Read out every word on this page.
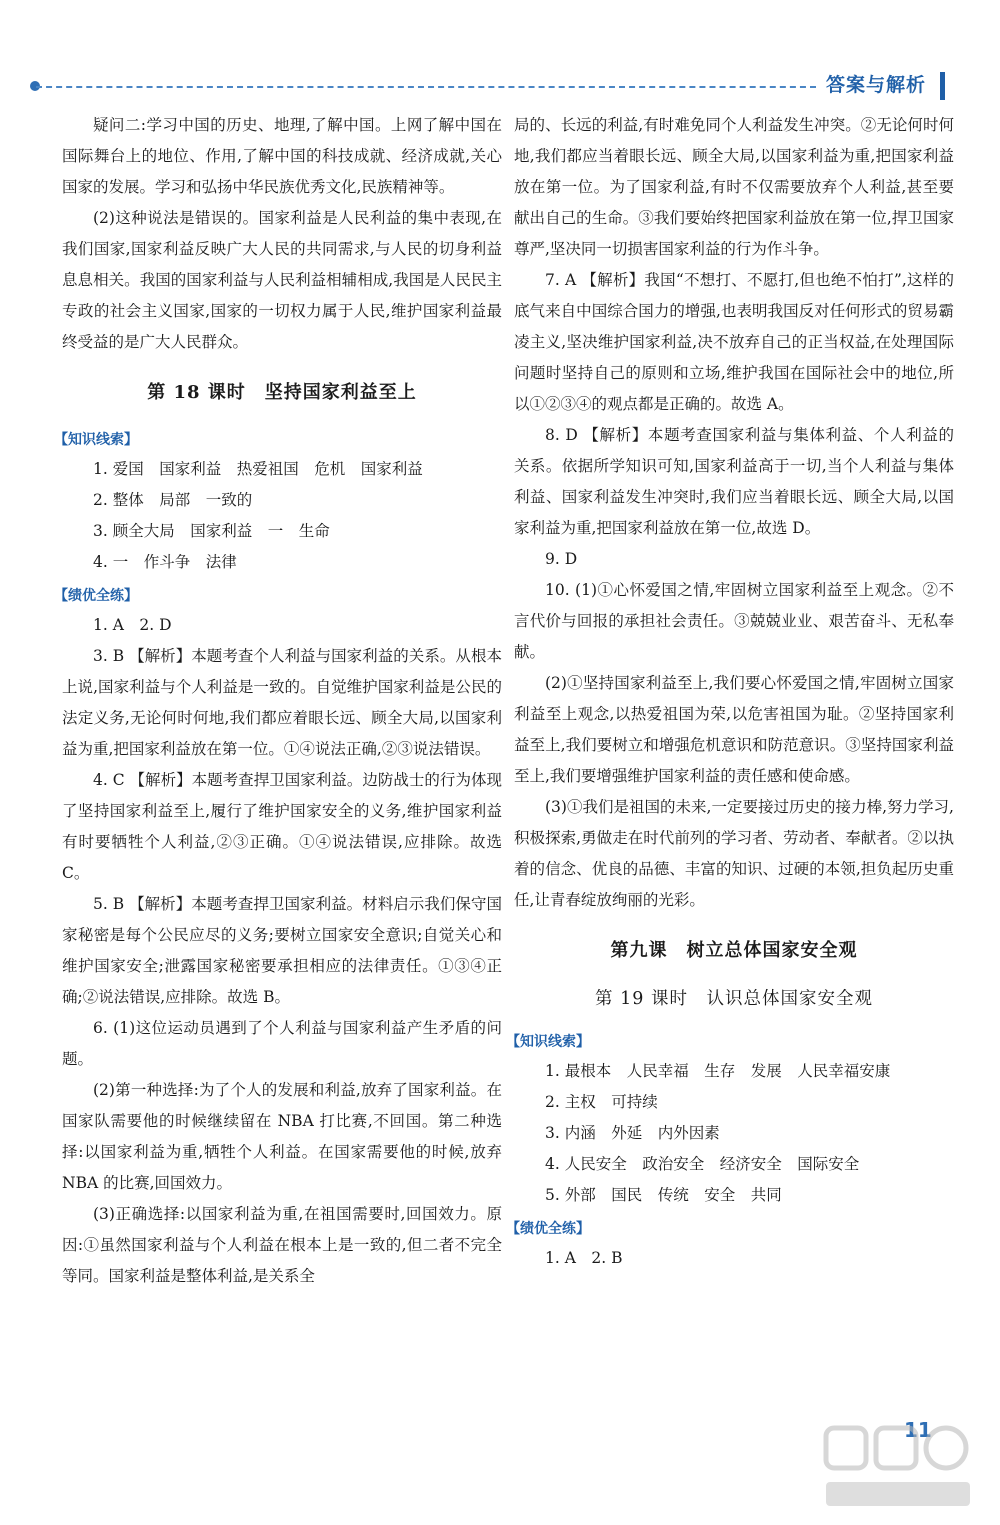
答案与解析

疑问二:学习中国的历史、地理,了解中国。上网了解中国在国际舞台上的地位、作用,了解中国的科技成就、经济成就,关心国家的发展。学习和弘扬中华民族优秀文化,民族精神等。

(2)这种说法是错误的。国家利益是人民利益的集中表现,在我们国家,国家利益反映广大人民的共同需求,与人民的切身利益息息相关。我国的国家利益与人民利益相辅相成,我国是人民民主专政的社会主义国家,国家的一切权力属于人民,维护国家利益最终受益的是广大人民群众。

第 18 课时　坚持国家利益至上
【知识线索】

1. 爱国　国家利益　热爱祖国　危机　国家利益

2. 整体　局部　一致的

3. 顾全大局　国家利益　一　生命

4. 一　作斗争　法律

【绩优全练】

1. A　2. D

3. B 【解析】本题考查个人利益与国家利益的关系。从根本上说,国家利益与个人利益是一致的。自觉维护国家利益是公民的法定义务,无论何时何地,我们都应着眼长远、顾全大局,以国家利益为重,把国家利益放在第一位。①④说法正确,②③说法错误。

4. C 【解析】本题考查捍卫国家利益。边防战士的行为体现了坚持国家利益至上,履行了维护国家安全的义务,维护国家利益有时要牺牲个人利益,②③正确。①④说法错误,应排除。故选 C。

5. B 【解析】本题考查捍卫国家利益。材料启示我们保守国家秘密是每个公民应尽的义务;要树立国家安全意识;自觉关心和维护国家安全;泄露国家秘密要承担相应的法律责任。①③④正确;②说法错误,应排除。故选 B。

6. (1)这位运动员遇到了个人利益与国家利益产生矛盾的问题。

(2)第一种选择:为了个人的发展和利益,放弃了国家利益。在国家队需要他的时候继续留在 NBA 打比赛,不回国。第二种选择:以国家利益为重,牺牲个人利益。在国家需要他的时候,放弃 NBA 的比赛,回国效力。

(3)正确选择:以国家利益为重,在祖国需要时,回国效力。原因:①虽然国家利益与个人利益在根本上是一致的,但二者不完全等同。国家利益是整体利益,是关系全

局的、长远的利益,有时难免同个人利益发生冲突。②无论何时何地,我们都应当着眼长远、顾全大局,以国家利益为重,把国家利益放在第一位。为了国家利益,有时不仅需要放弃个人利益,甚至要献出自己的生命。③我们要始终把国家利益放在第一位,捍卫国家尊严,坚决同一切损害国家利益的行为作斗争。

7. A 【解析】我国“不想打、不愿打,但也绝不怕打”,这样的底气来自中国综合国力的增强,也表明我国反对任何形式的贸易霸凌主义,坚决维护国家利益,决不放弃自己的正当权益,在处理国际问题时坚持自己的原则和立场,维护我国在国际社会中的地位,所以①②③④的观点都是正确的。故选 A。

8. D 【解析】本题考查国家利益与集体利益、个人利益的关系。依据所学知识可知,国家利益高于一切,当个人利益与集体利益、国家利益发生冲突时,我们应当着眼长远、顾全大局,以国家利益为重,把国家利益放在第一位,故选 D。

9. D

10. (1)①心怀爱国之情,牢固树立国家利益至上观念。②不言代价与回报的承担社会责任。③兢兢业业、艰苦奋斗、无私奉献。

(2)①坚持国家利益至上,我们要心怀爱国之情,牢固树立国家利益至上观念,以热爱祖国为荣,以危害祖国为耻。②坚持国家利益至上,我们要树立和增强危机意识和防范意识。③坚持国家利益至上,我们要增强维护国家利益的责任感和使命感。

(3)①我们是祖国的未来,一定要接过历史的接力棒,努力学习,积极探索,勇做走在时代前列的学习者、劳动者、奉献者。②以执着的信念、优良的品德、丰富的知识、过硬的本领,担负起历史重任,让青春绽放绚丽的光彩。

第九课　树立总体国家安全观
第 19 课时　认识总体国家安全观
【知识线索】

1. 最根本　人民幸福　生存　发展　人民幸福安康

2. 主权　可持续

3. 内涵　外延　内外因素

4. 人民安全　政治安全　经济安全　国际安全

5. 外部　国民　传统　安全　共同

【绩优全练】

1. A　2. B

11
